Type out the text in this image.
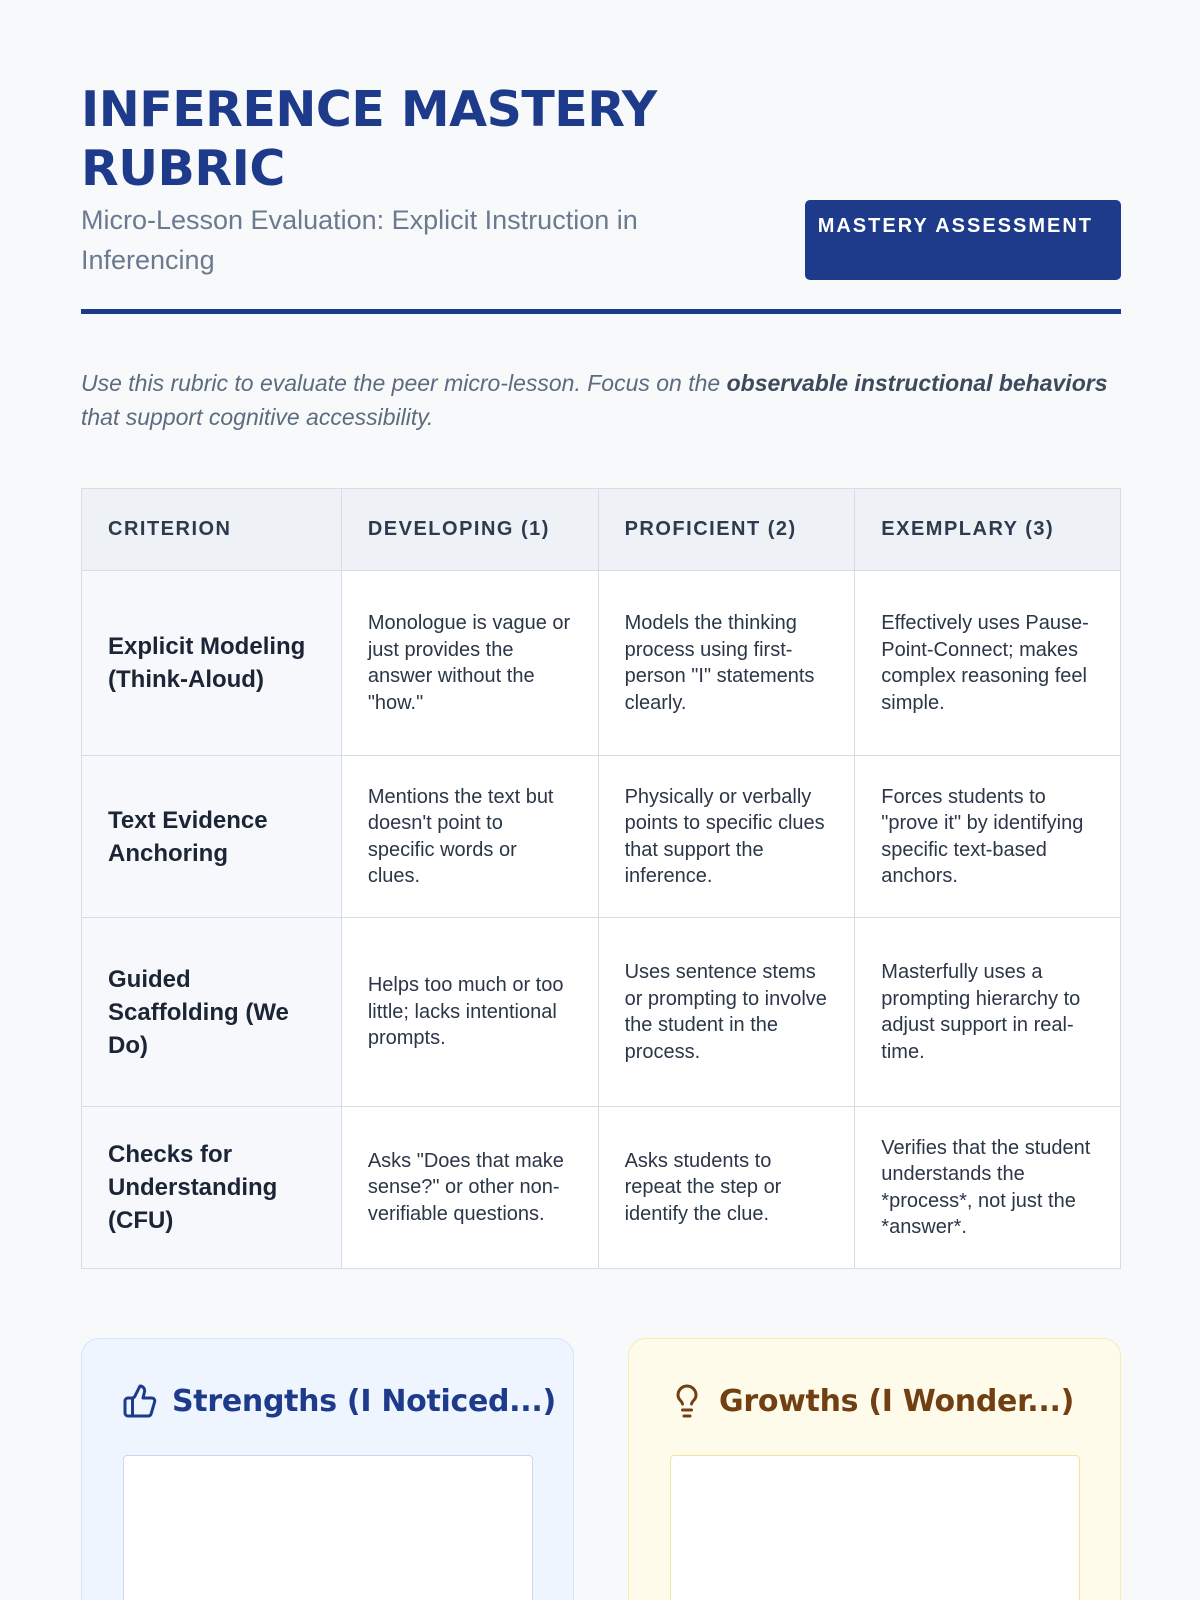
INFERENCE MASTERY RUBRIC
Micro-Lesson Evaluation: Explicit Instruction in Inferencing
MASTERY ASSESSMENT

Use this rubric to evaluate the peer micro-lesson. Focus on the observable instructional behaviors that support cognitive accessibility.

CRITERION	DEVELOPING (1)	PROFICIENT (2)	EXEMPLARY (3)
Explicit Modeling (Think-Aloud)	Monologue is vague or just provides the answer without the "how."	Models the thinking process using first-person "I" statements clearly.	Effectively uses Pause-Point-Connect; makes complex reasoning feel simple.
Text Evidence Anchoring	Mentions the text but doesn't point to specific words or clues.	Physically or verbally points to specific clues that support the inference.	Forces students to "prove it" by identifying specific text-based anchors.
Guided Scaffolding (We Do)	Helps too much or too little; lacks intentional prompts.	Uses sentence stems or prompting to involve the student in the process.	Masterfully uses a prompting hierarchy to adjust support in real-time.
Checks for Understanding (CFU)	Asks "Does that make sense?" or other non-verifiable questions.	Asks students to repeat the step or identify the clue.	Verifies that the student understands the *process*, not just the *answer*.
Strengths (I Noticed...)	Growths (I Wonder...)
